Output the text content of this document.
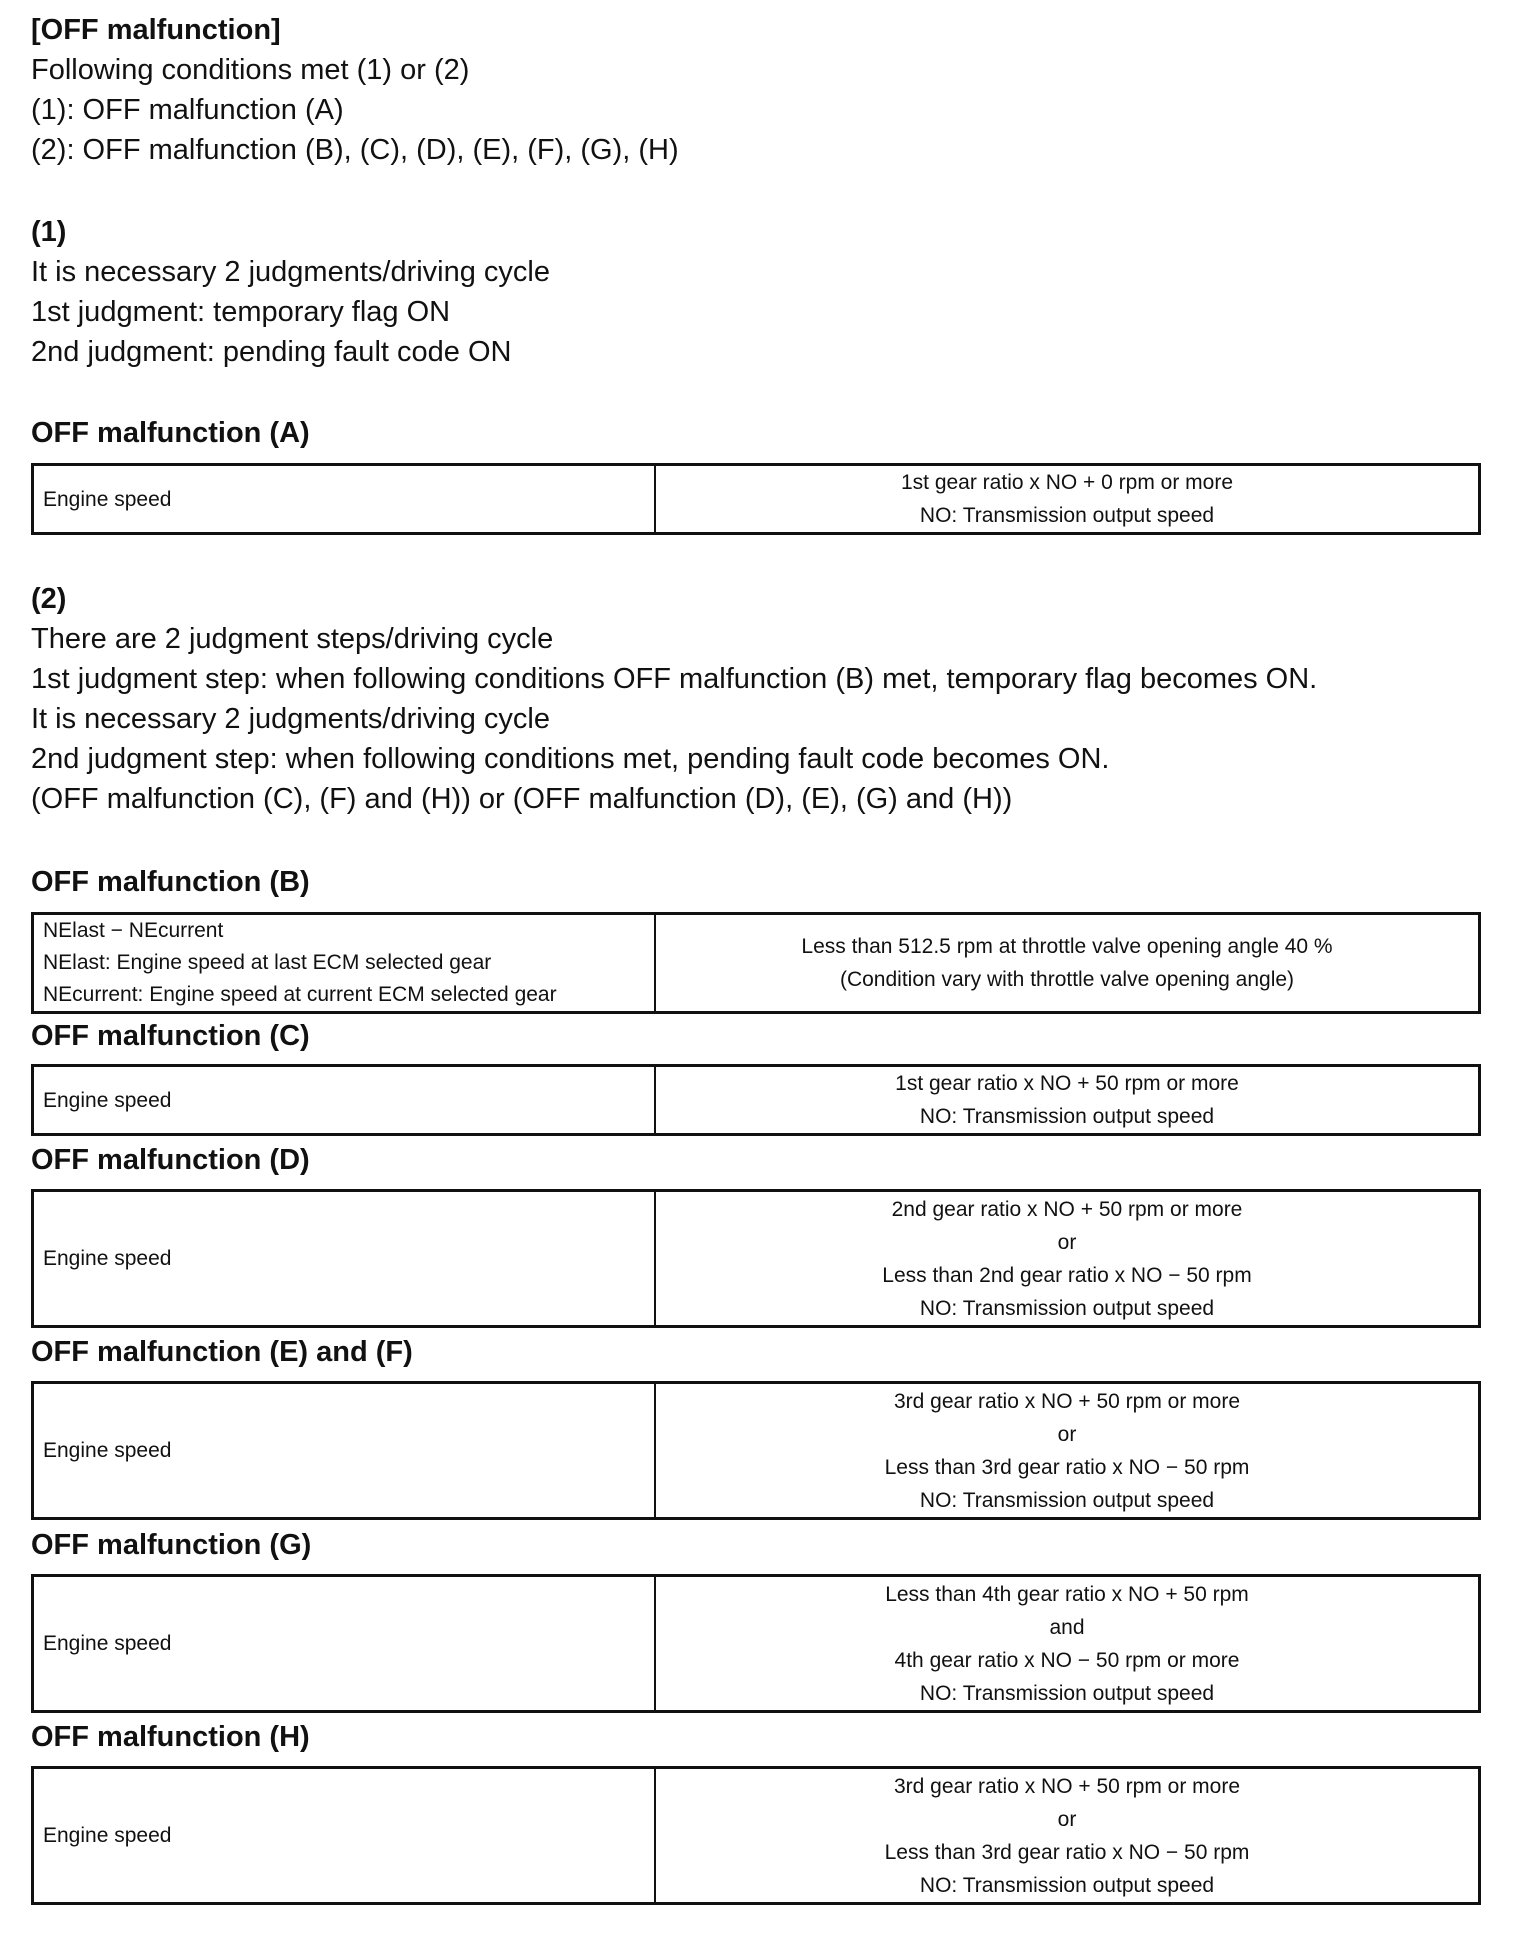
[OFF malfunction]
Following conditions met (1) or (2)
(1): OFF malfunction (A)
(2): OFF malfunction (B), (C), (D), (E), (F), (G), (H)
(1)
It is necessary 2 judgments/driving cycle
1st judgment: temporary flag ON
2nd judgment: pending fault code ON
OFF malfunction (A)
Engine speed

1st gear ratio x NO + 0 rpm or more
NO: Transmission output speed
(2)
There are 2 judgment steps/driving cycle
1st judgment step: when following conditions OFF malfunction (B) met, temporary flag becomes ON.
It is necessary 2 judgments/driving cycle
2nd judgment step: when following conditions met, pending fault code becomes ON.
(OFF malfunction (C), (F) and (H)) or (OFF malfunction (D), (E), (G) and (H))
OFF malfunction (B)
NElast − NEcurrent
NElast: Engine speed at last ECM selected gear
NEcurrent: Engine speed at current ECM selected gear

Less than 512.5 rpm at throttle valve opening angle 40 %
(Condition vary with throttle valve opening angle)
OFF malfunction (C)
Engine speed

1st gear ratio x NO + 50 rpm or more
NO: Transmission output speed
OFF malfunction (D)
Engine speed

2nd gear ratio x NO + 50 rpm or more
or
Less than 2nd gear ratio x NO − 50 rpm
NO: Transmission output speed
OFF malfunction (E) and (F)
Engine speed

3rd gear ratio x NO + 50 rpm or more
or
Less than 3rd gear ratio x NO − 50 rpm
NO: Transmission output speed
OFF malfunction (G)
Engine speed

Less than 4th gear ratio x NO + 50 rpm
and
4th gear ratio x NO − 50 rpm or more
NO: Transmission output speed
OFF malfunction (H)
Engine speed

3rd gear ratio x NO + 50 rpm or more
or
Less than 3rd gear ratio x NO − 50 rpm
NO: Transmission output speed
